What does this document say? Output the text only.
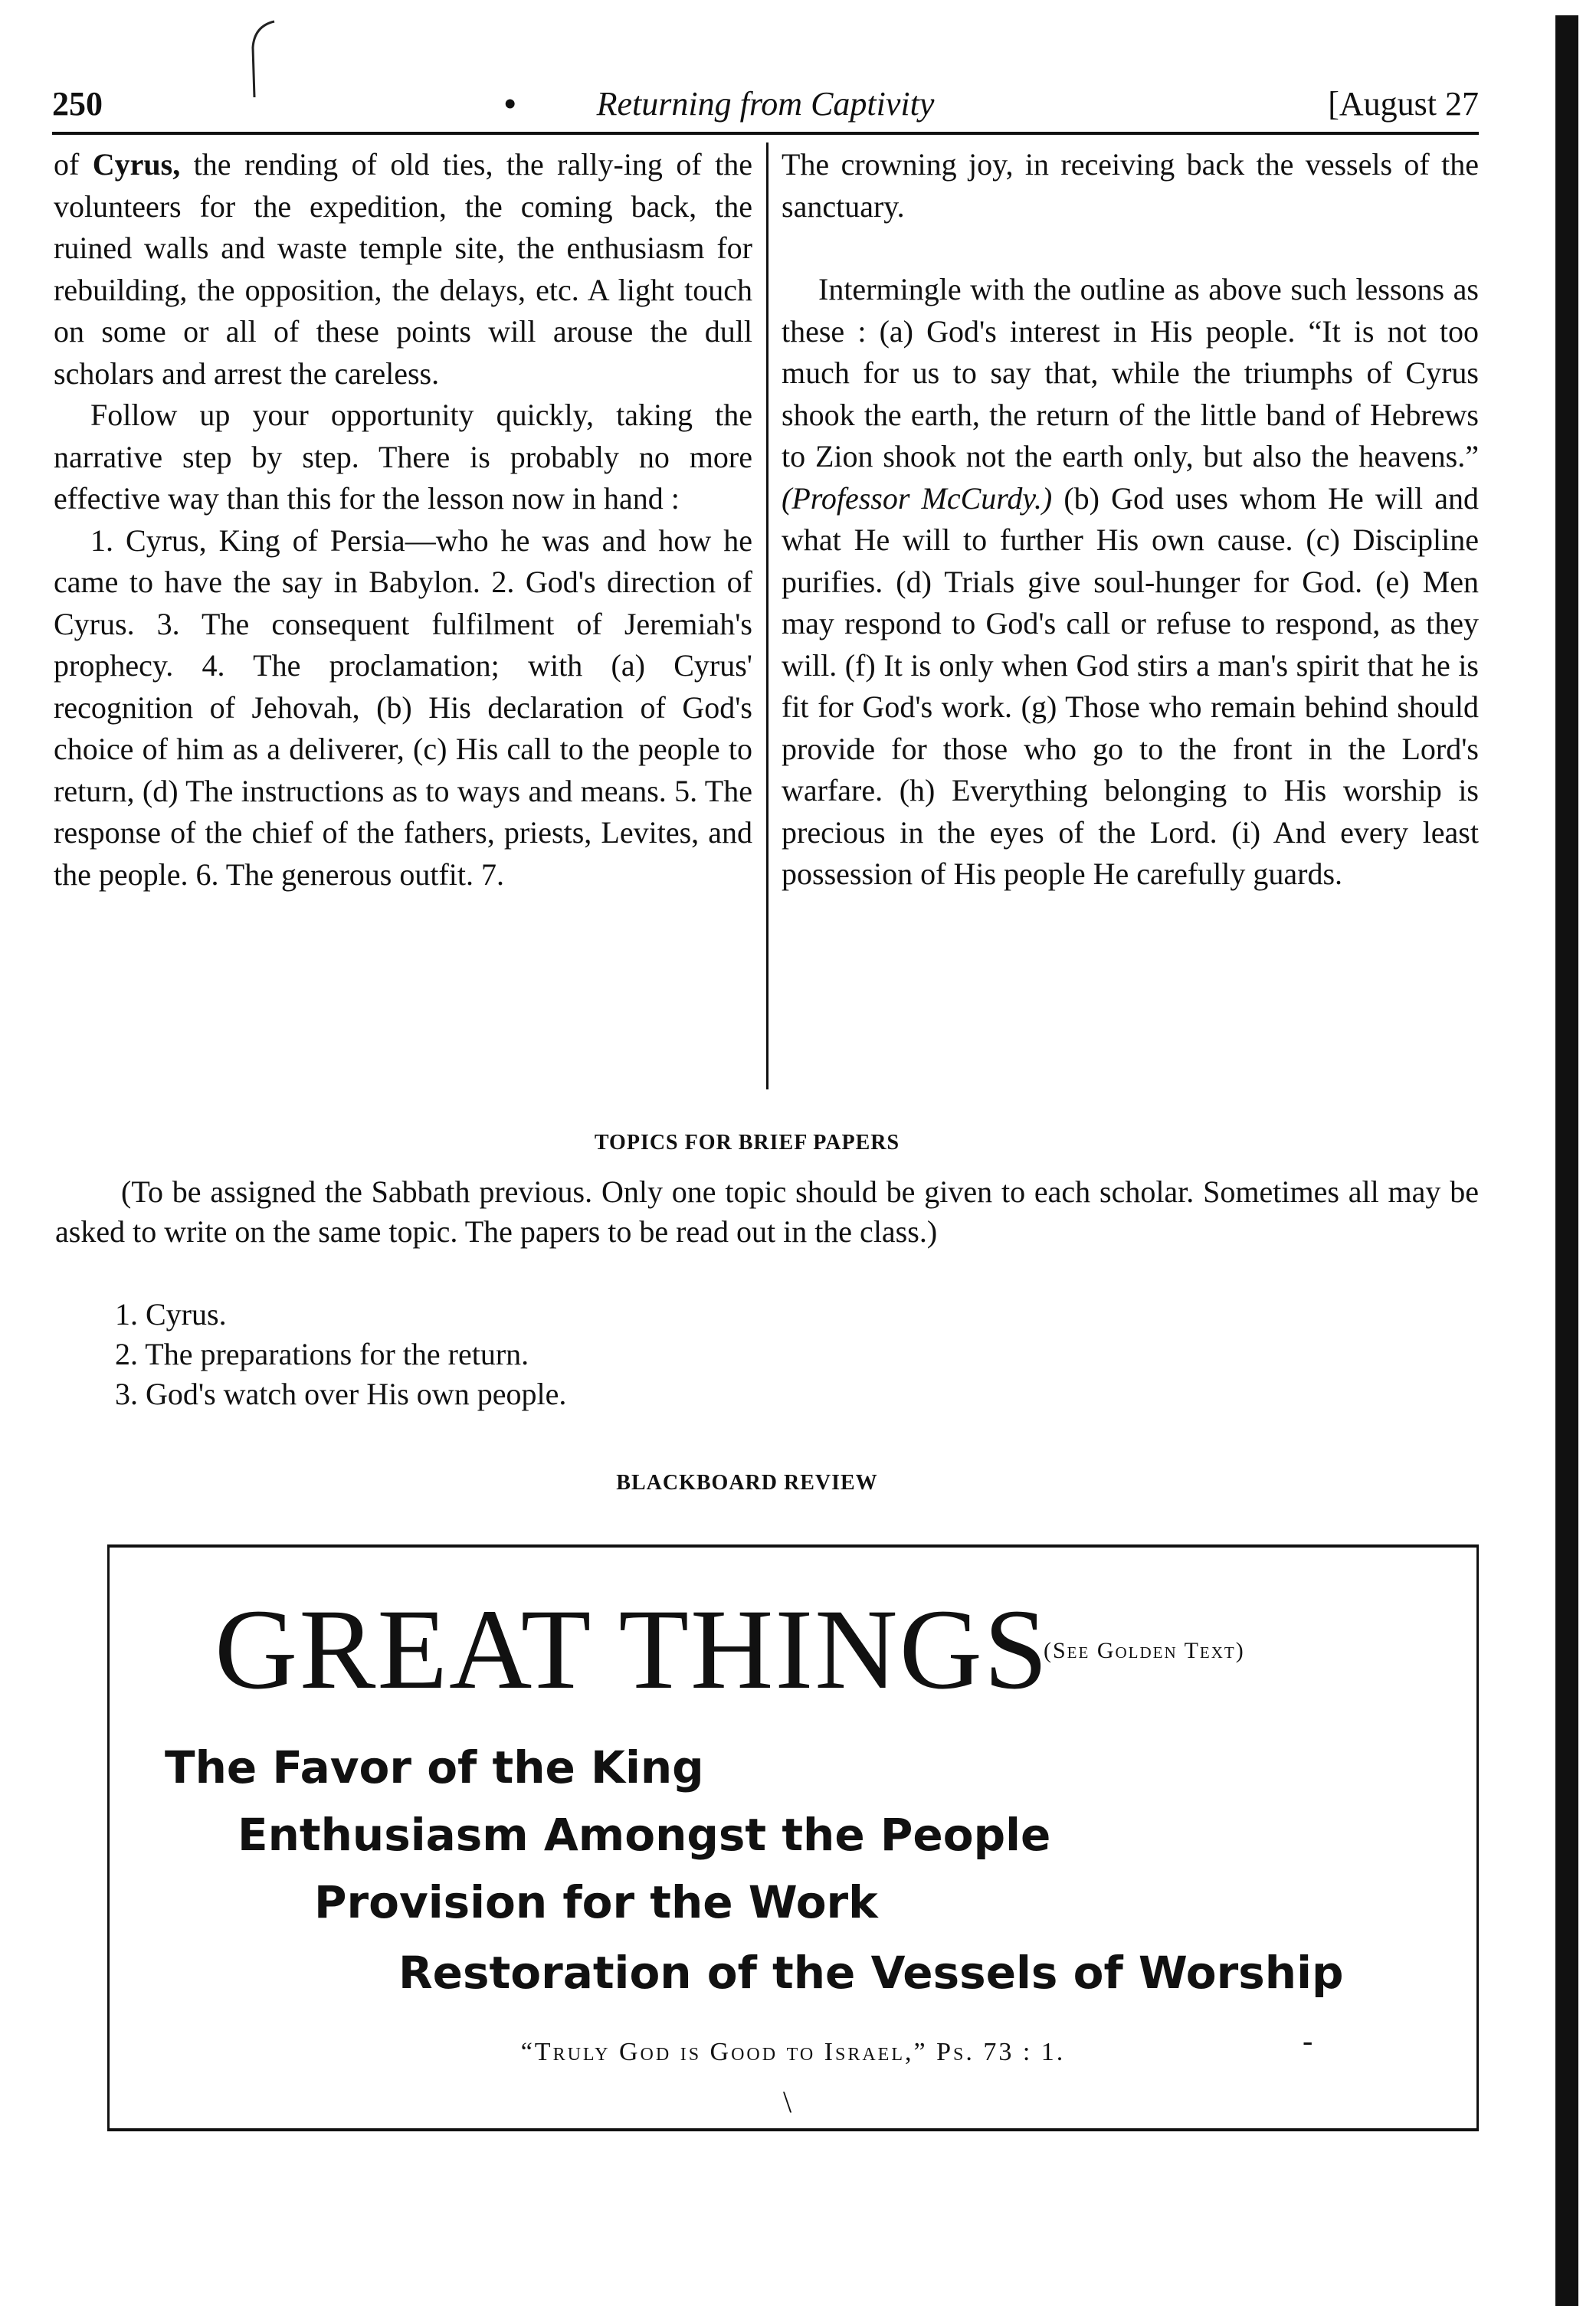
250	•	Returning from Captivity	[August 27

of Cyrus, the rending of old ties, the rally-ing of the volunteers for the expedition, the coming back, the ruined walls and waste temple site, the enthusiasm for rebuilding, the opposition, the delays, etc. A light touch on some or all of these points will arouse the dull scholars and arrest the careless.

Follow up your opportunity quickly, taking the narrative step by step. There is probably no more effective way than this for the lesson now in hand :

1. Cyrus, King of Persia—who he was and how he came to have the say in Babylon. 2. God's direction of Cyrus. 3. The consequent fulfilment of Jeremiah's prophecy. 4. The proclamation; with (a) Cyrus' recognition of Jehovah, (b) His declaration of God's choice of him as a deliverer, (c) His call to the people to return, (d) The instructions as to ways and means. 5. The response of the chief of the fathers, priests, Levites, and the people. 6. The generous outfit. 7.

The crowning joy, in receiving back the vessels of the sanctuary.

Intermingle with the outline as above such lessons as these : (a) God's interest in His people. “It is not too much for us to say that, while the triumphs of Cyrus shook the earth, the return of the little band of Hebrews to Zion shook not the earth only, but also the heavens.” (Professor McCurdy.) (b) God uses whom He will and what He will to further His own cause. (c) Discipline purifies. (d) Trials give soul-hunger for God. (e) Men may respond to God's call or refuse to respond, as they will. (f) It is only when God stirs a man's spirit that he is fit for God's work. (g) Those who remain behind should provide for those who go to the front in the Lord's warfare. (h) Everything belonging to His worship is precious in the eyes of the Lord. (i) And every least possession of His people He carefully guards.

TOPICS FOR BRIEF PAPERS

(To be assigned the Sabbath previous. Only one topic should be given to each scholar. Sometimes all may be asked to write on the same topic. The papers to be read out in the class.)

1. Cyrus.
2. The preparations for the return.
3. God's watch over His own people.
BLACKBOARD REVIEW
GREAT THINGS
(See Golden Text)
The Favor of the King
Enthusiasm Amongst the People
Provision for the Work
Restoration of the Vessels of Worship
“Truly God is Good to Israel,” Ps. 73 : 1.
\
-
